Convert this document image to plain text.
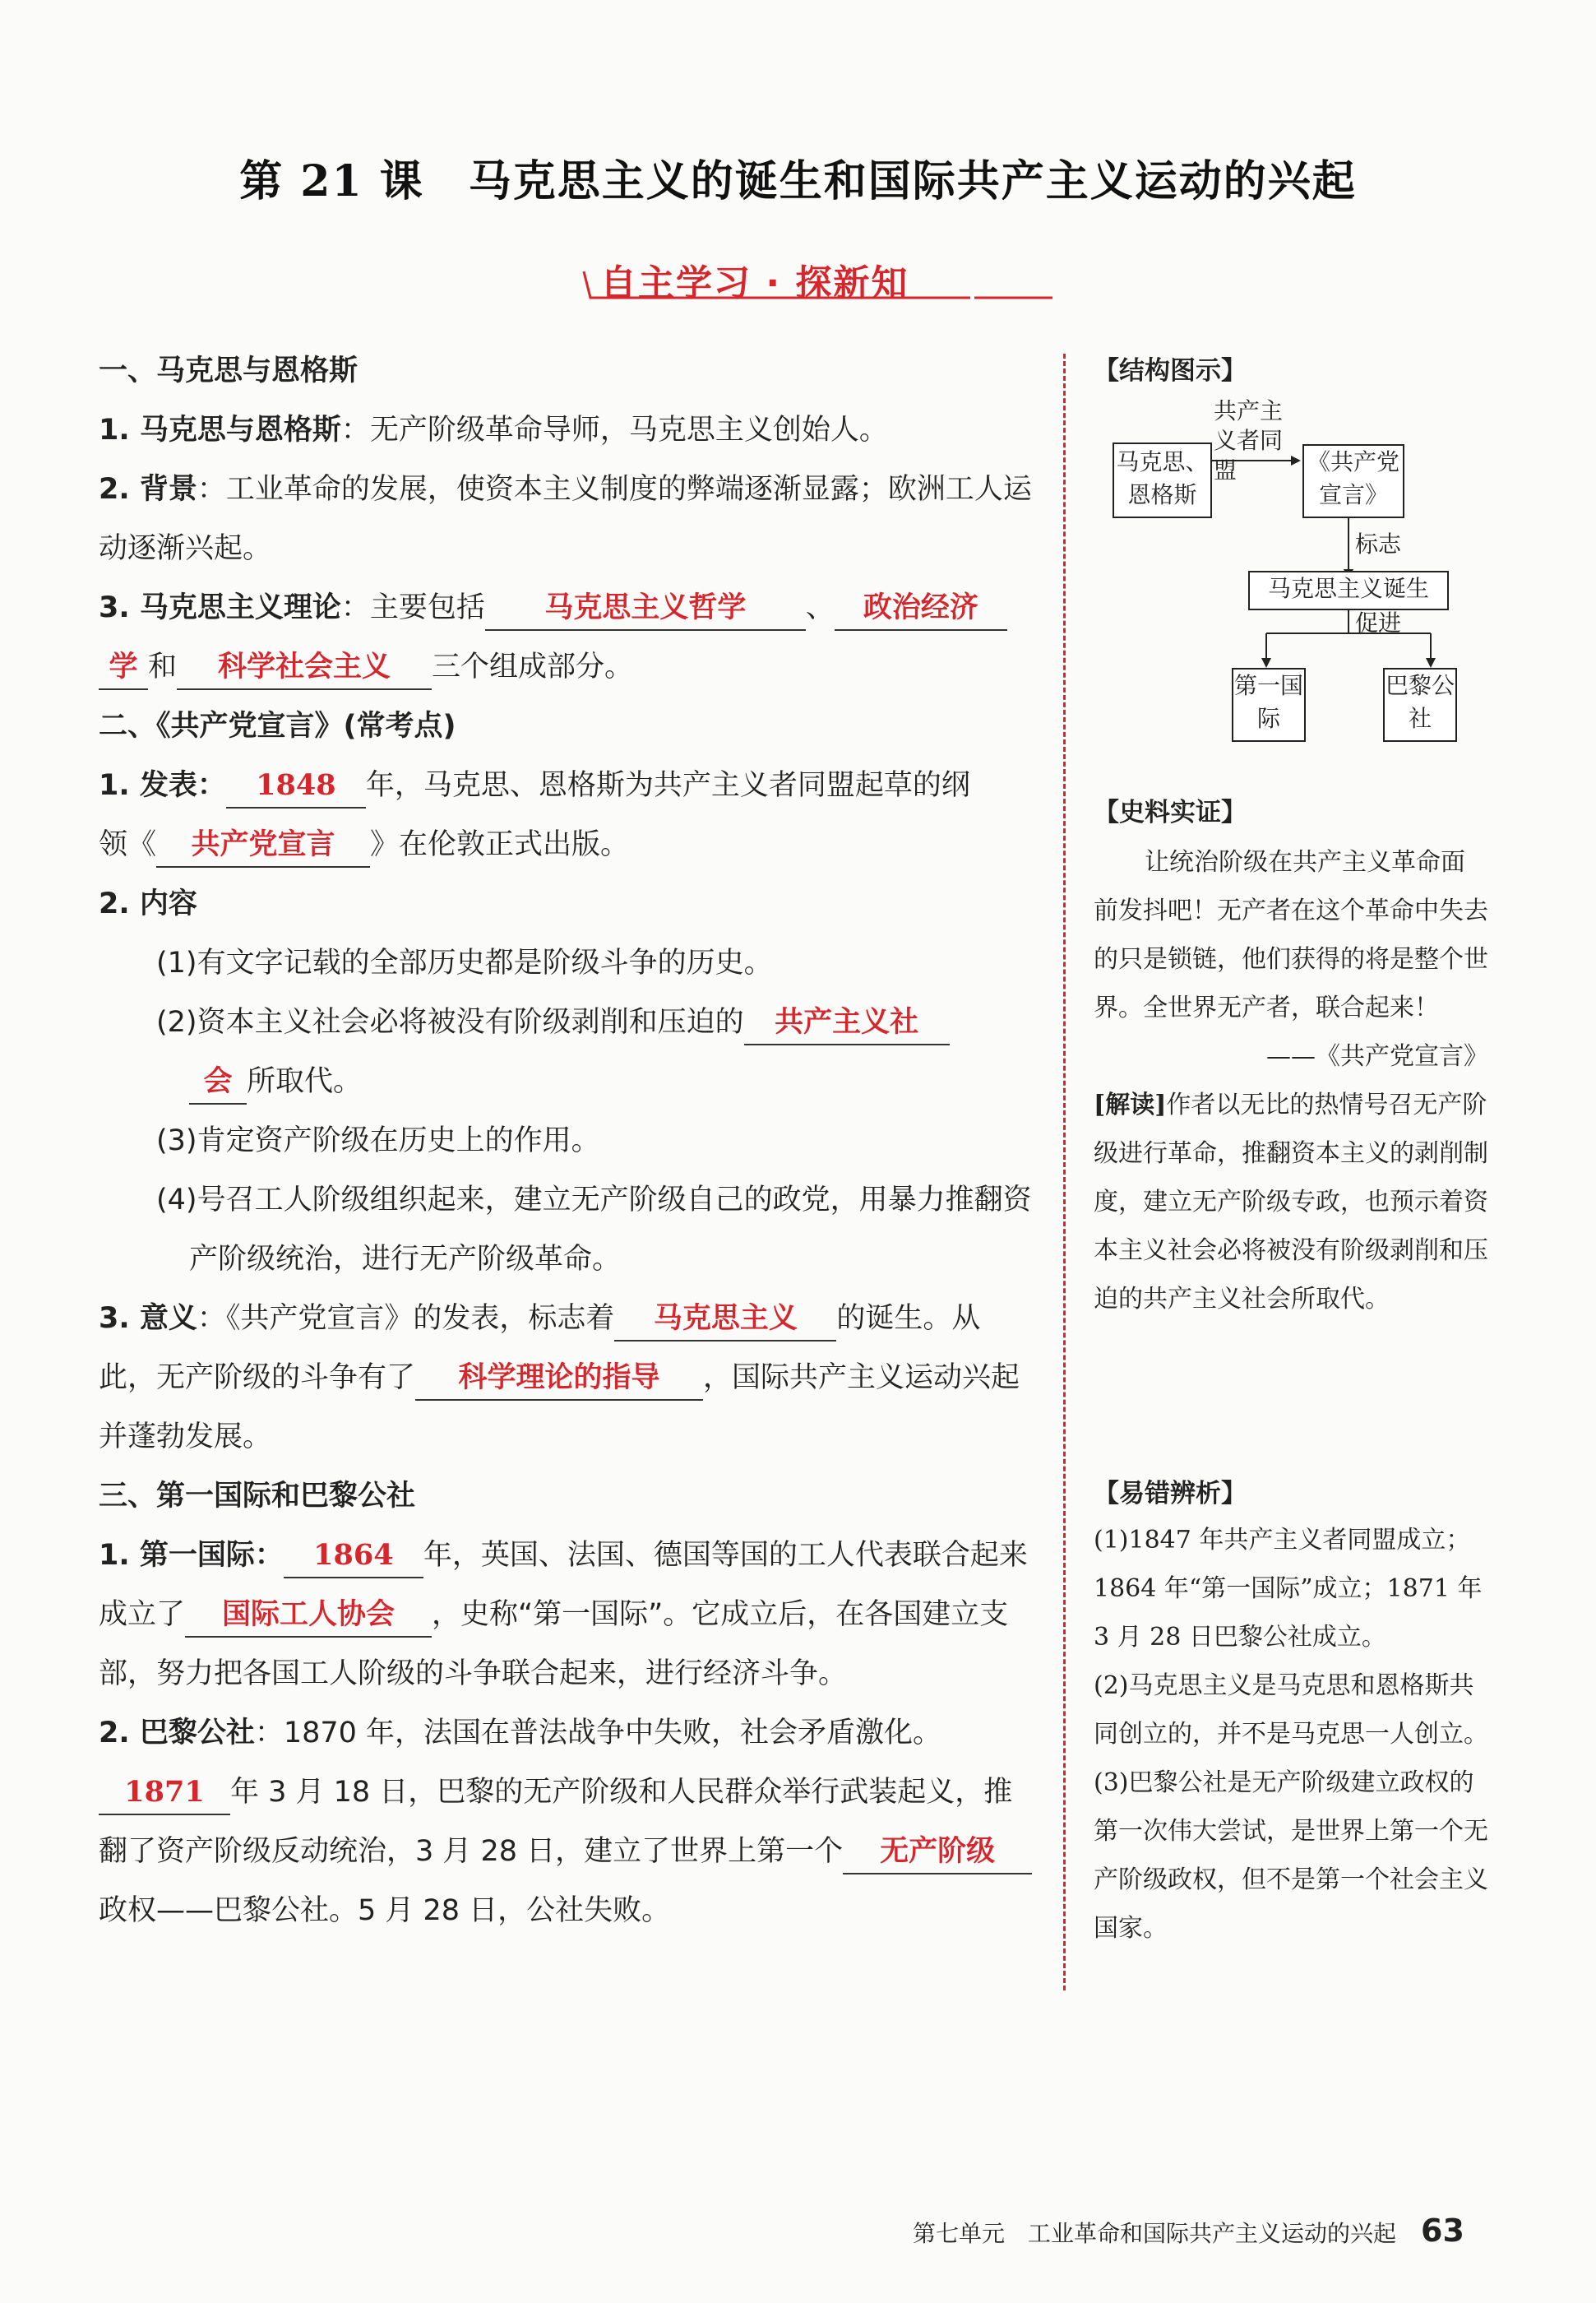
第 21 课　马克思主义的诞生和国际共产主义运动的兴起
自主学习 · 探新知
一、马克思与恩格斯
1. 马克思与恩格斯：无产阶级革命导师，马克思主义创始人。
2. 背景：工业革命的发展，使资本主义制度的弊端逐渐显露；欧洲工人运动逐渐兴起。
3. 马克思主义理论：主要包括 马克思主义哲学 、 政治经济
学 和 科学社会主义 三个组成部分。
二、《共产党宣言》(常考点)
1. 发表： 1848 年，马克思、恩格斯为共产主义者同盟起草的纲
领《 共产党宣言 》在伦敦正式出版。
2. 内容
(1)有文字记载的全部历史都是阶级斗争的历史。
(2)资本主义社会必将被没有阶级剥削和压迫的 共产主义社
会 所取代。
(3)肯定资产阶级在历史上的作用。
(4)号召工人阶级组织起来，建立无产阶级自己的政党，用暴力推翻资产阶级统治，进行无产阶级革命。
3. 意义：《共产党宣言》的发表，标志着 马克思主义 的诞生。从此，无产阶级的斗争有了 科学理论的指导 ，国际共产主义运动兴起并蓬勃发展。
三、第一国际和巴黎公社
1. 第一国际： 1864 年，英国、法国、德国等国的工人代表联合起来成立了 国际工人协会 ，史称“第一国际”。它成立后，在各国建立支部，努力把各国工人阶级的斗争联合起来，进行经济斗争。
2. 巴黎公社：1870 年，法国在普法战争中失败，社会矛盾激化。
1871 年 3 月 18 日，巴黎的无产阶级和人民群众举行武装起义，推翻了资产阶级反动统治，3 月 28 日，建立了世界上第一个 无产阶级政权——巴黎公社。5 月 28 日，公社失败。
【结构图示】
马克思、恩格斯
共产主义者同盟	《共产党宣言》
标志
马克思主义诞生
促进
第一国际
巴黎公社
【史料实证】

让统治阶级在共产主义革命面前发抖吧！无产者在这个革命中失去的只是锁链，他们获得的将是整个世界。全世界无产者，联合起来！

——《共产党宣言》

[解读]作者以无比的热情号召无产阶级进行革命，推翻资本主义的剥削制度，建立无产阶级专政，也预示着资本主义社会必将被没有阶级剥削和压迫的共产主义社会所取代。

【易错辨析】

(1)1847 年共产主义者同盟成立；1864 年“第一国际”成立；1871 年 3 月 28 日巴黎公社成立。

(2)马克思主义是马克思和恩格斯共同创立的，并不是马克思一人创立。

(3)巴黎公社是无产阶级建立政权的第一次伟大尝试，是世界上第一个无产阶级政权，但不是第一个社会主义国家。

第七单元　工业革命和国际共产主义运动的兴起 63
